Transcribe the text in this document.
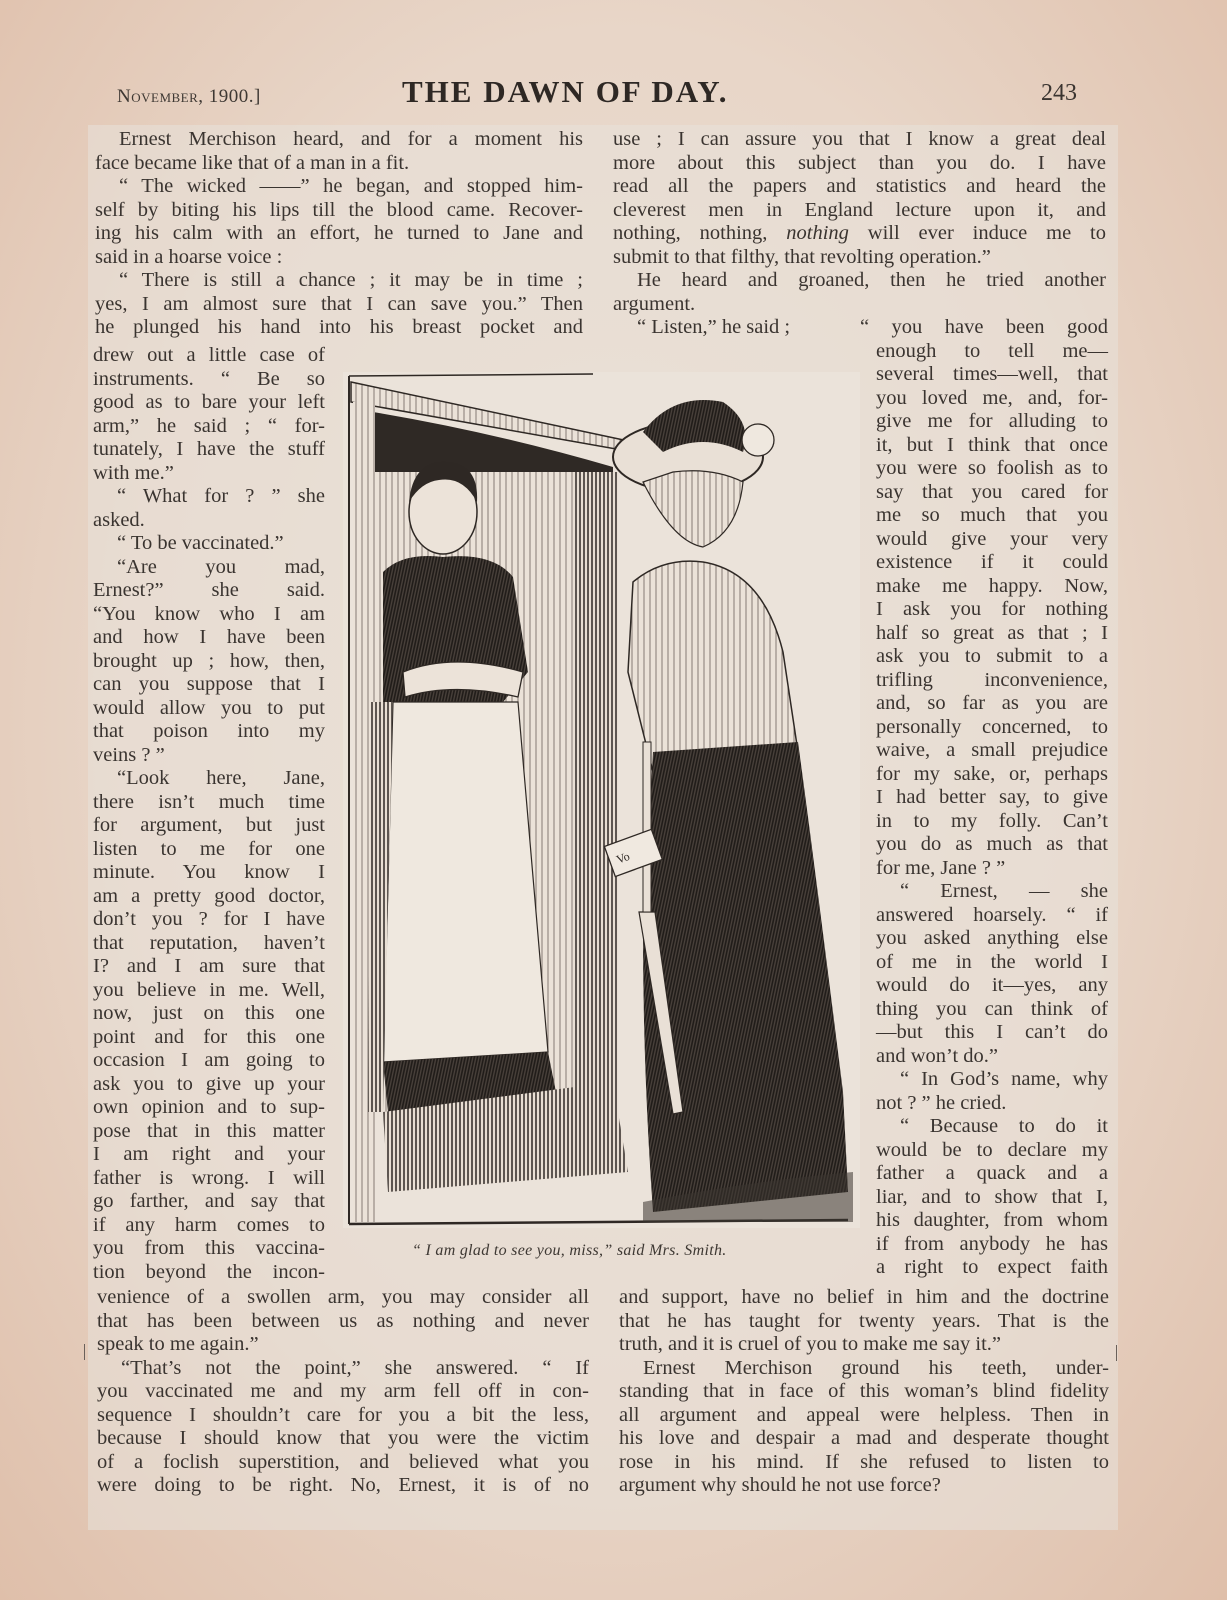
November, 1900.]	THE DAWN OF DAY.	243
Ernest Merchison heard, and for a moment his
face became like that of a man in a fit.
“ The wicked ——” he began, and stopped him-
self by biting his lips till the blood came. Recover-
ing his calm with an effort, he turned to Jane and
said in a hoarse voice :
“ There is still a chance ; it may be in time ;
yes, I am almost sure that I can save you.” Then
he plunged his hand into his breast pocket and
drew out a little case of
instruments. “ Be so
good as to bare your left
arm,” he said ; “ for-
tunately, I have the stuff
with me.”
“ What for ? ” she
asked.
“ To be vaccinated.”
“Are you mad,
Ernest?” she said.
“You know who I am
and how I have been
brought up ; how, then,
can you suppose that I
would allow you to put
that poison into my
veins ? ”
“Look here, Jane,
there isn’t much time
for argument, but just
listen to me for one
minute. You know I
am a pretty good doctor,
don’t you ? for I have
that reputation, haven’t
I? and I am sure that
you believe in me. Well,
now, just on this one
point and for this one
occasion I am going to
ask you to give up your
own opinion and to sup-
pose that in this matter
I am right and your
father is wrong. I will
go farther, and say that
if any harm comes to
you from this vaccina-
tion beyond the incon-
venience of a swollen arm, you may consider all
that has been between us as nothing and never
speak to me again.”
“That’s not the point,” she answered. “ If
you vaccinated me and my arm fell off in con-
sequence I shouldn’t care for you a bit the less,
because I should know that you were the victim
of a foclish superstition, and believed what you
were doing to be right. No, Ernest, it is of no
use ; I can assure you that I know a great deal
more about this subject than you do. I have
read all the papers and statistics and heard the
cleverest men in England lecture upon it, and
nothing, nothing, nothing will ever induce me to
submit to that filthy, that revolting operation.”
He heard and groaned, then he tried another
argument.
“ Listen,” he said ;	“ you have been good
enough to tell me—
several times—well, that
you loved me, and, for-
give me for alluding to
it, but I think that once
you were so foolish as to
say that you cared for
me so much that you
would give your very
existence if it could
make me happy. Now,
I ask you for nothing
half so great as that ; I
ask you to submit to a
trifling inconvenience,
and, so far as you are
personally concerned, to
waive, a small prejudice
for my sake, or, perhaps
I had better say, to give
in to my folly. Can’t
you do as much as that
for me, Jane ? ”
“ Ernest, — she
answered hoarsely. “ if
you asked anything else
of me in the world I
would do it—yes, any
thing you can think of
—but this I can’t do
and won’t do.”
“ In God’s name, why
not ? ” he cried.
“ Because to do it
would be to declare my
father a quack and a
liar, and to show that I,
his daughter, from whom
if from anybody he has
a right to expect faith
and support, have no belief in him and the doctrine
that he has taught for twenty years. That is the
truth, and it is cruel of you to make me say it.”
Ernest Merchison ground his teeth, under-
standing that in face of this woman’s blind fidelity
all argument and appeal were helpless. Then in
his love and despair a mad and desperate thought
rose in his mind. If she refused to listen to
argument why should he not use force?
Vo
“ I am glad to see you, miss,” said Mrs. Smith.
